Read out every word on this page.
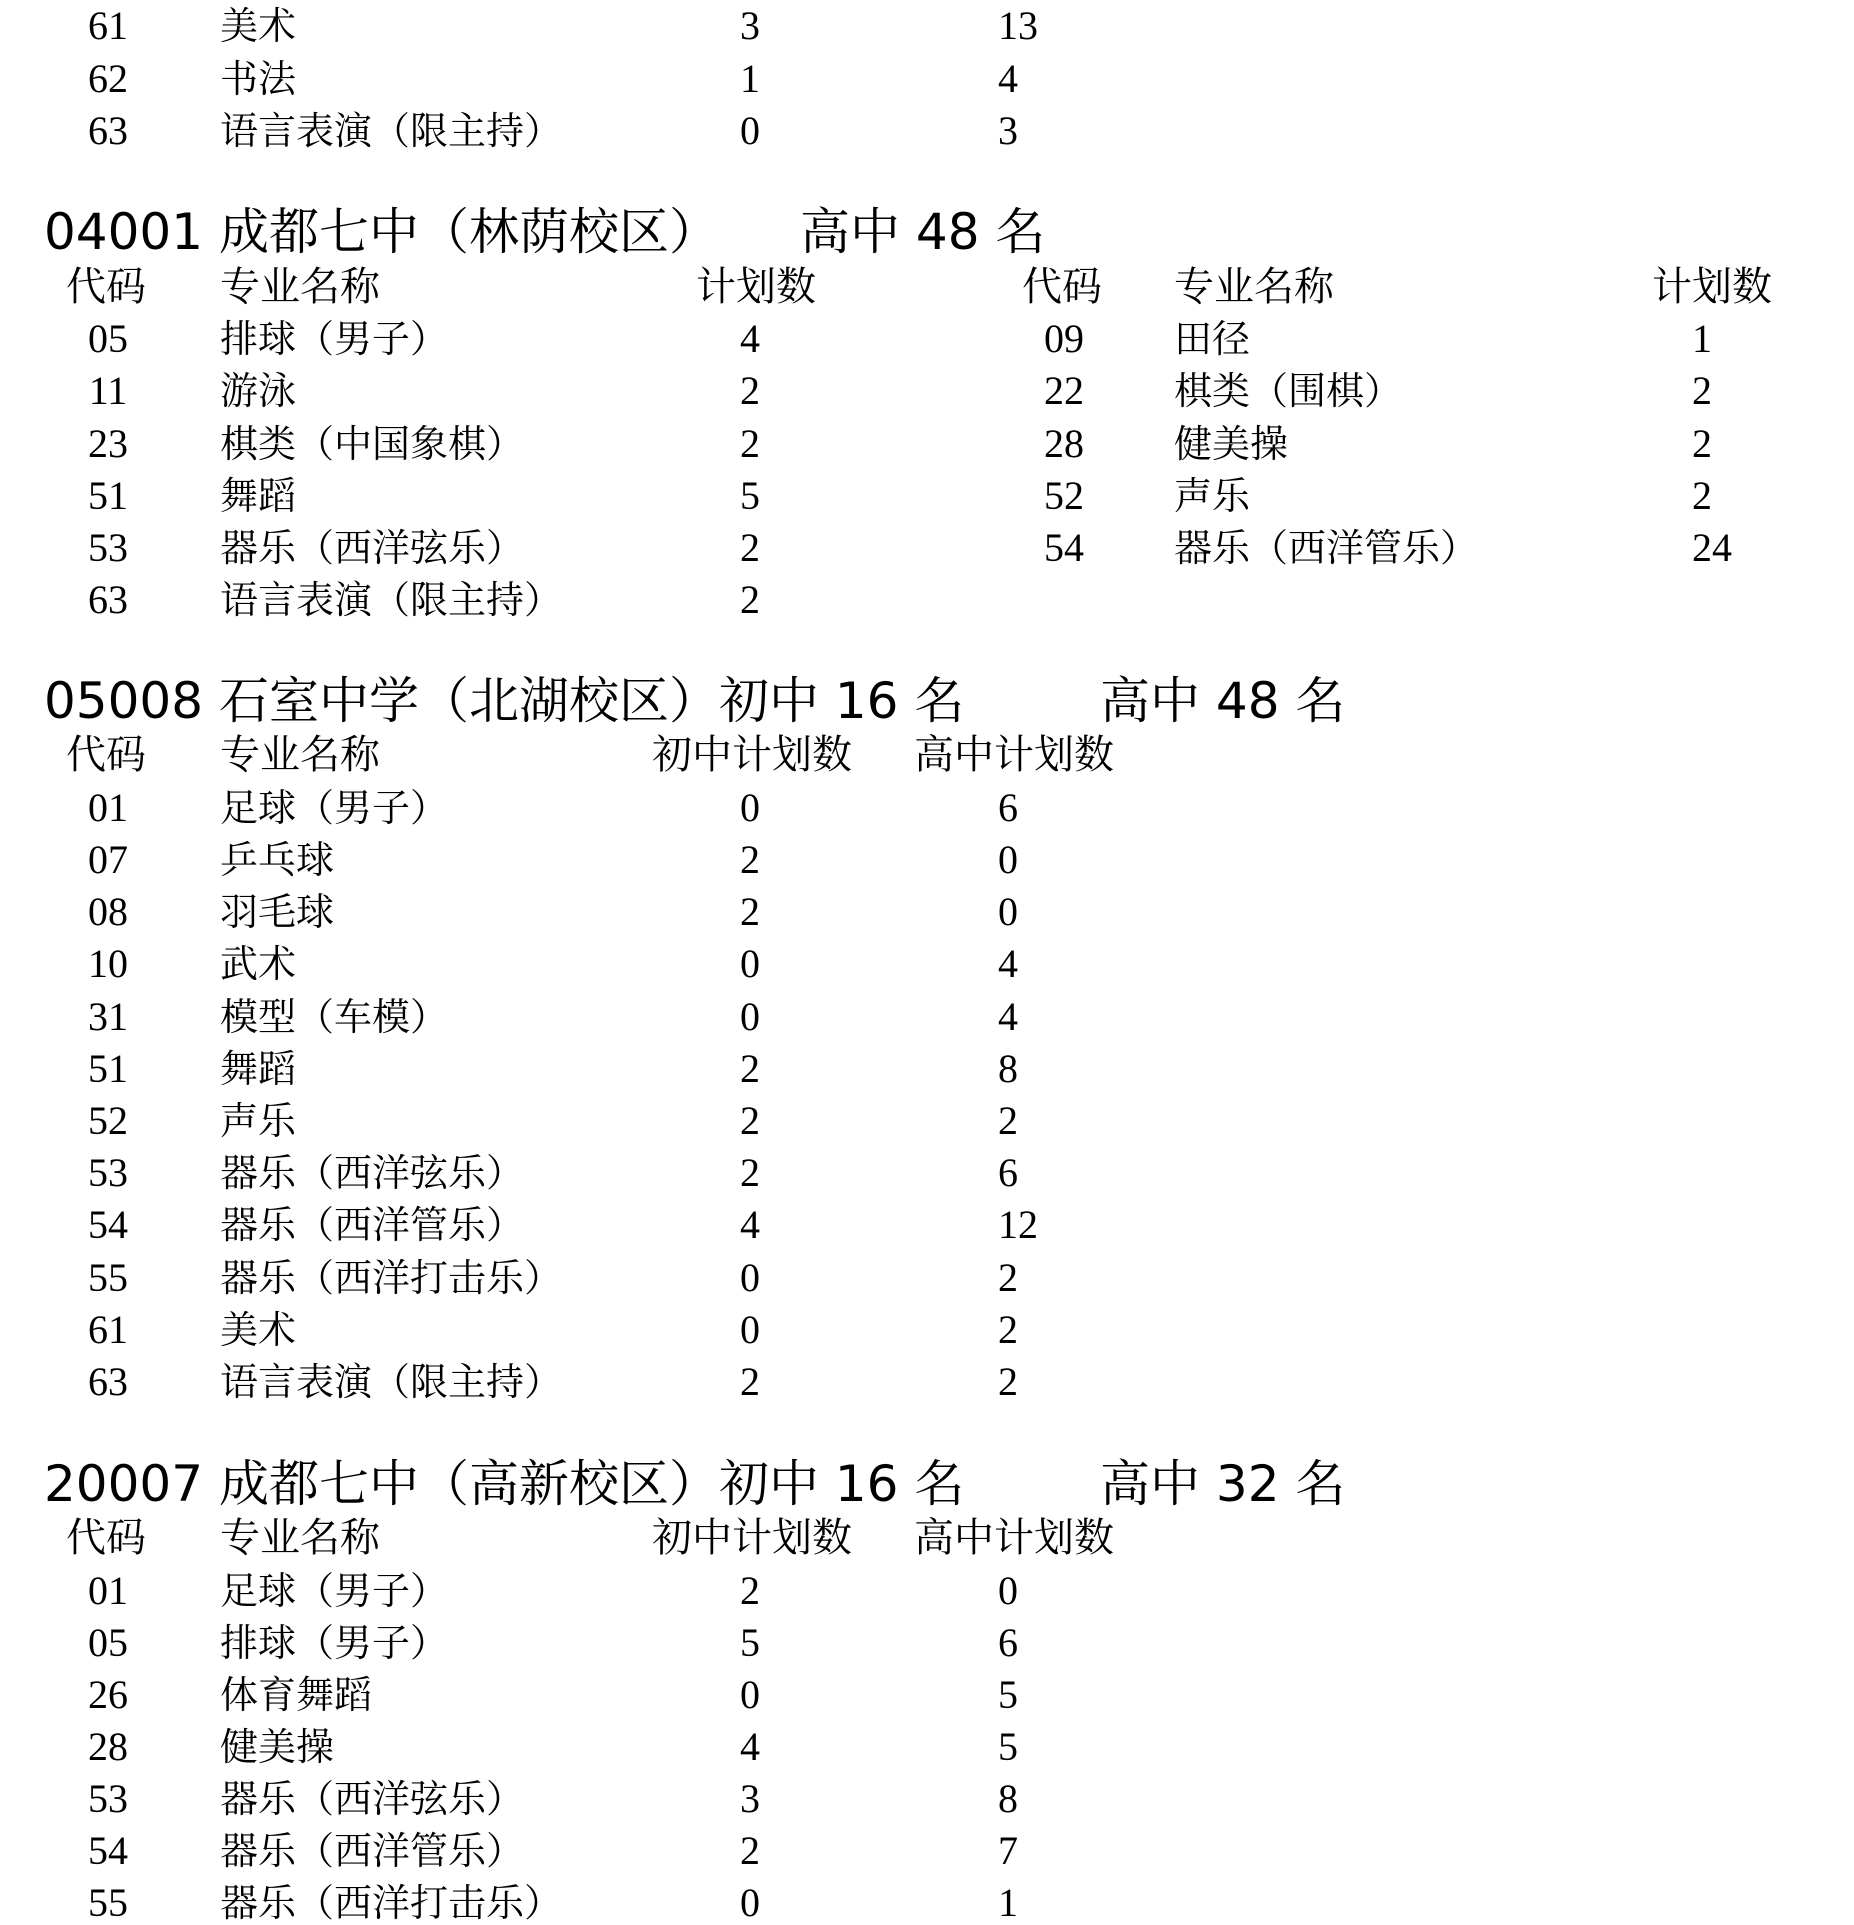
61 美术	3	13
62 书法	1	4
63 语言表演（限主持）	0	3
04001 成都七中（林荫校区） 高中 48 名
代码 专业名称	计划数	代码 专业名称	计划数
05 排球（男子）	4	09 田径	1
11 游泳	2	22 棋类（围棋）	2
23 棋类（中国象棋）	2	28 健美操	2
51 舞蹈	5	52 声乐	2
53 器乐（西洋弦乐）	2	54 器乐（西洋管乐）	24
63 语言表演（限主持）	2
05008 石室中学（北湖校区）初中 16 名	高中 48 名
代码 专业名称	初中计划数 高中计划数
01 足球（男子）	0	6
07 乒乓球	2	0
08 羽毛球	2	0
10 武术	0	4
31 模型（车模）	0	4
51 舞蹈	2	8
52 声乐	2	2
53 器乐（西洋弦乐）	2	6
54 器乐（西洋管乐）	4	12
55 器乐（西洋打击乐）	0	2
61 美术	0	2
63 语言表演（限主持）	2	2
20007 成都七中（高新校区）初中 16 名	高中 32 名
代码 专业名称	初中计划数 高中计划数
01 足球（男子）	2	0
05 排球（男子）	5	6
26 体育舞蹈	0	5
28 健美操	4	5
53 器乐（西洋弦乐）	3	8
54 器乐（西洋管乐）	2	7
55 器乐（西洋打击乐）	0	1
